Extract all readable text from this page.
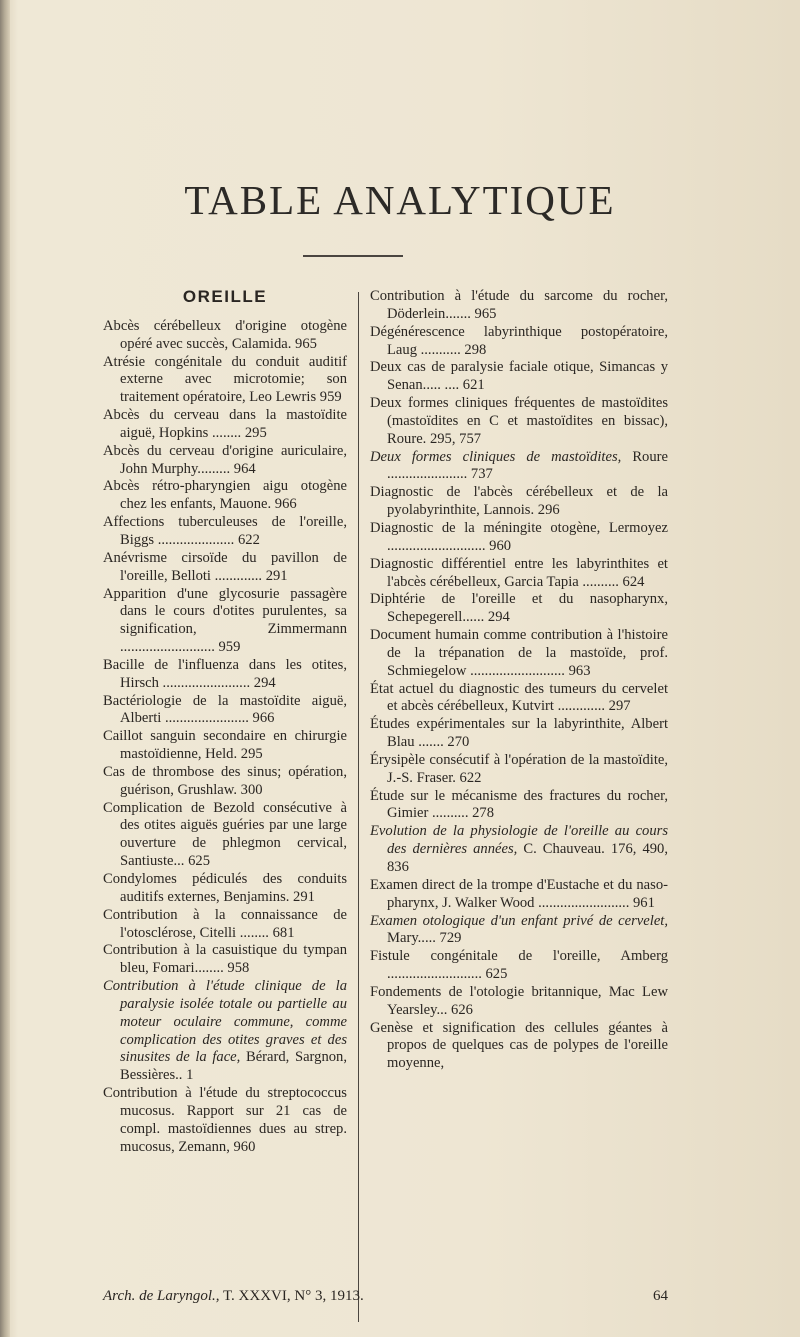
TABLE ANALYTIQUE
OREILLE

Abcès cérébelleux d'origine otogène opéré avec succès, Calamida. 965

Atrésie congénitale du conduit auditif externe avec microtomie; son traitement opératoire, Leo Lewris 959

Abcès du cerveau dans la mastoïdite aiguë, Hopkins ........ 295

Abcès du cerveau d'origine auriculaire, John Murphy......... 964

Abcès rétro-pharyngien aigu otogène chez les enfants, Mauone. 966

Affections tuberculeuses de l'oreille, Biggs ..................... 622

Anévrisme cirsoïde du pavillon de l'oreille, Belloti ............. 291

Apparition d'une glycosurie passagère dans le cours d'otites purulentes, sa signification, Zimmermann .......................... 959

Bacille de l'influenza dans les otites, Hirsch ........................ 294

Bactériologie de la mastoïdite aiguë, Alberti ....................... 966

Caillot sanguin secondaire en chirurgie mastoïdienne, Held. 295

Cas de thrombose des sinus; opération, guérison, Grushlaw. 300

Complication de Bezold consécutive à des otites aiguës guéries par une large ouverture de phlegmon cervical, Santiuste... 625

Condylomes pédiculés des conduits auditifs externes, Benjamins. 291

Contribution à la connaissance de l'otosclérose, Citelli ........ 681

Contribution à la casuistique du tympan bleu, Fomari........ 958

Contribution à l'étude clinique de la paralysie isolée totale ou partielle au moteur oculaire commune, comme complication des otites graves et des sinusites de la face, Bérard, Sargnon, Bessières.. 1

Contribution à l'étude du streptococcus mucosus. Rapport sur 21 cas de compl. mastoïdiennes dues au strep. mucosus, Zemann, 960

Contribution à l'étude du sarcome du rocher, Döderlein....... 965

Dégénérescence labyrinthique postopératoire, Laug ........... 298

Deux cas de paralysie faciale otique, Simancas y Senan..... .... 621

Deux formes cliniques fréquentes de mastoïdites (mastoïdites en C et mastoïdites en bissac), Roure. 295, 757

Deux formes cliniques de mastoïdites, Roure ...................... 737

Diagnostic de l'abcès cérébelleux et de la pyolabyrinthite, Lannois. 296

Diagnostic de la méningite otogène, Lermoyez ........................... 960

Diagnostic différentiel entre les labyrinthites et l'abcès cérébelleux, Garcia Tapia .......... 624

Diphtérie de l'oreille et du nasopharynx, Schepegerell...... 294

Document humain comme contribution à l'histoire de la trépanation de la mastoïde, prof. Schmiegelow .......................... 963

État actuel du diagnostic des tumeurs du cervelet et abcès cérébelleux, Kutvirt ............. 297

Études expérimentales sur la labyrinthite, Albert Blau ....... 270

Érysipèle consécutif à l'opération de la mastoïdite, J.-S. Fraser. 622

Étude sur le mécanisme des fractures du rocher, Gimier .......... 278

Evolution de la physiologie de l'oreille au cours des dernières années, C. Chauveau. 176, 490, 836

Examen direct de la trompe d'Eustache et du naso-pharynx, J. Walker Wood ......................... 961

Examen otologique d'un enfant privé de cervelet, Mary..... 729

Fistule congénitale de l'oreille, Amberg .......................... 625

Fondements de l'otologie britannique, Mac Lew Yearsley... 626

Genèse et signification des cellules géantes à propos de quelques cas de polypes de l'oreille moyenne,

Arch. de Laryngol., T. XXXVI, N° 3, 1913.	64
